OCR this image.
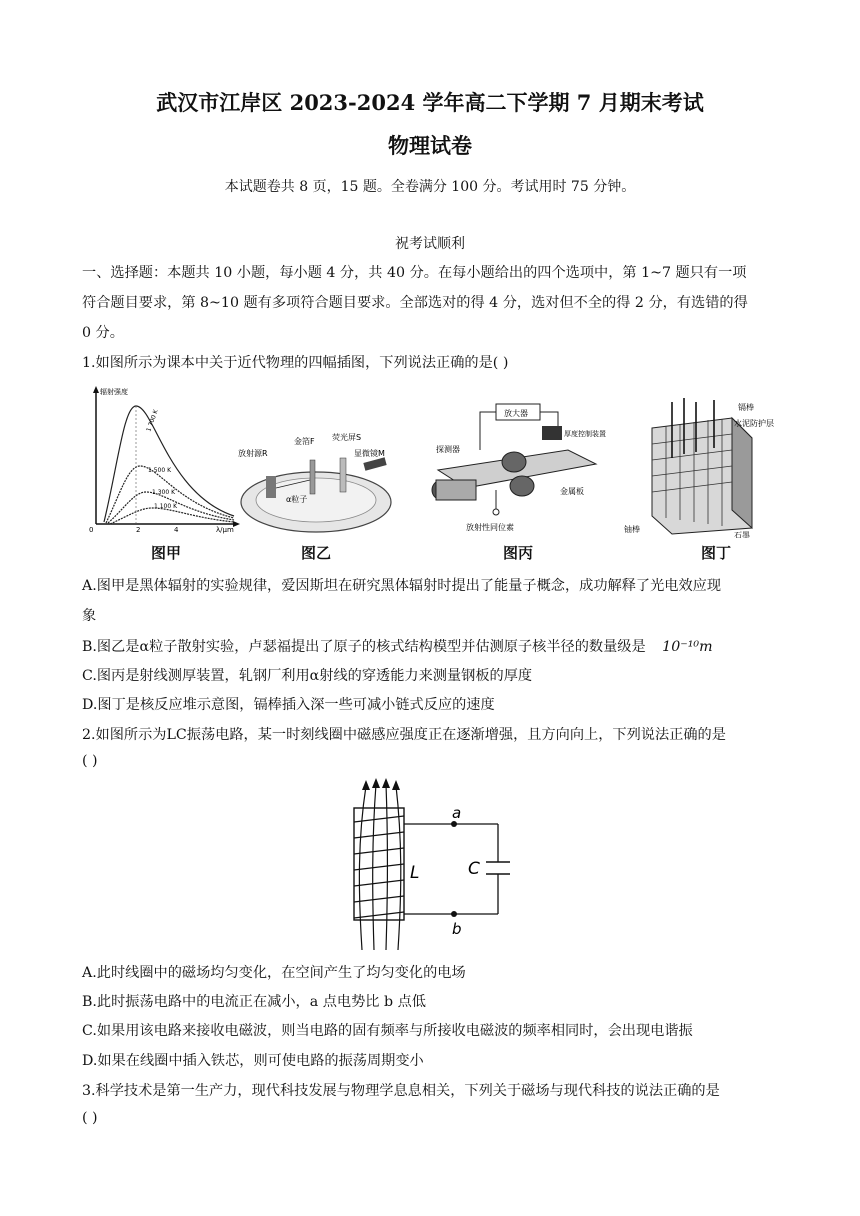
武汉市江岸区 2023-2024 学年高二下学期 7 月期末考试
物理试卷
本试题卷共 8 页，15 题。全卷满分 100 分。考试用时 75 分钟。
祝考试顺利
一、选择题：本题共 10 小题，每小题 4 分，共 40 分。在每小题给出的四个选项中，第 1~7 题只有一项
符合题目要求，第 8~10 题有多项符合题目要求。全部选对的得 4 分，选对但不全的得 2 分，有选错的得
0 分。
1.如图所示为课本中关于近代物理的四幅插图，下列说法正确的是( )
辐射强度
λ/μm
0	2	4
1 700 K
1 500 K
1 300 K
1 100 K
图甲
放射源R
金箔F 荧光屏S
显微镜M
α粒子
图乙
放大器
厚度控制装置
探测器
金属板
放射性同位素
图丙
镉棒
水泥防护层
铀棒
石墨
图丁
A.图甲是黑体辐射的实验规律，爱因斯坦在研究黑体辐射时提出了能量子概念，成功解释了光电效应现
象
B.图乙是α粒子散射实验，卢瑟福提出了原子的核式结构模型并估测原子核半径的数量级是 10⁻¹⁰m
C.图丙是射线测厚装置，轧钢厂利用α射线的穿透能力来测量钢板的厚度
D.图丁是核反应堆示意图，镉棒插入深一些可减小链式反应的速度
2.如图所示为LC振荡电路，某一时刻线圈中磁感应强度正在逐渐增强，且方向向上，下列说法正确的是
( )
a
b
L	C
A.此时线圈中的磁场均匀变化，在空间产生了均匀变化的电场
B.此时振荡电路中的电流正在减小，a 点电势比 b 点低
C.如果用该电路来接收电磁波，则当电路的固有频率与所接收电磁波的频率相同时，会出现电谐振
D.如果在线圈中插入铁芯，则可使电路的振荡周期变小
3.科学技术是第一生产力，现代科技发展与物理学息息相关，下列关于磁场与现代科技的说法正确的是
( )
